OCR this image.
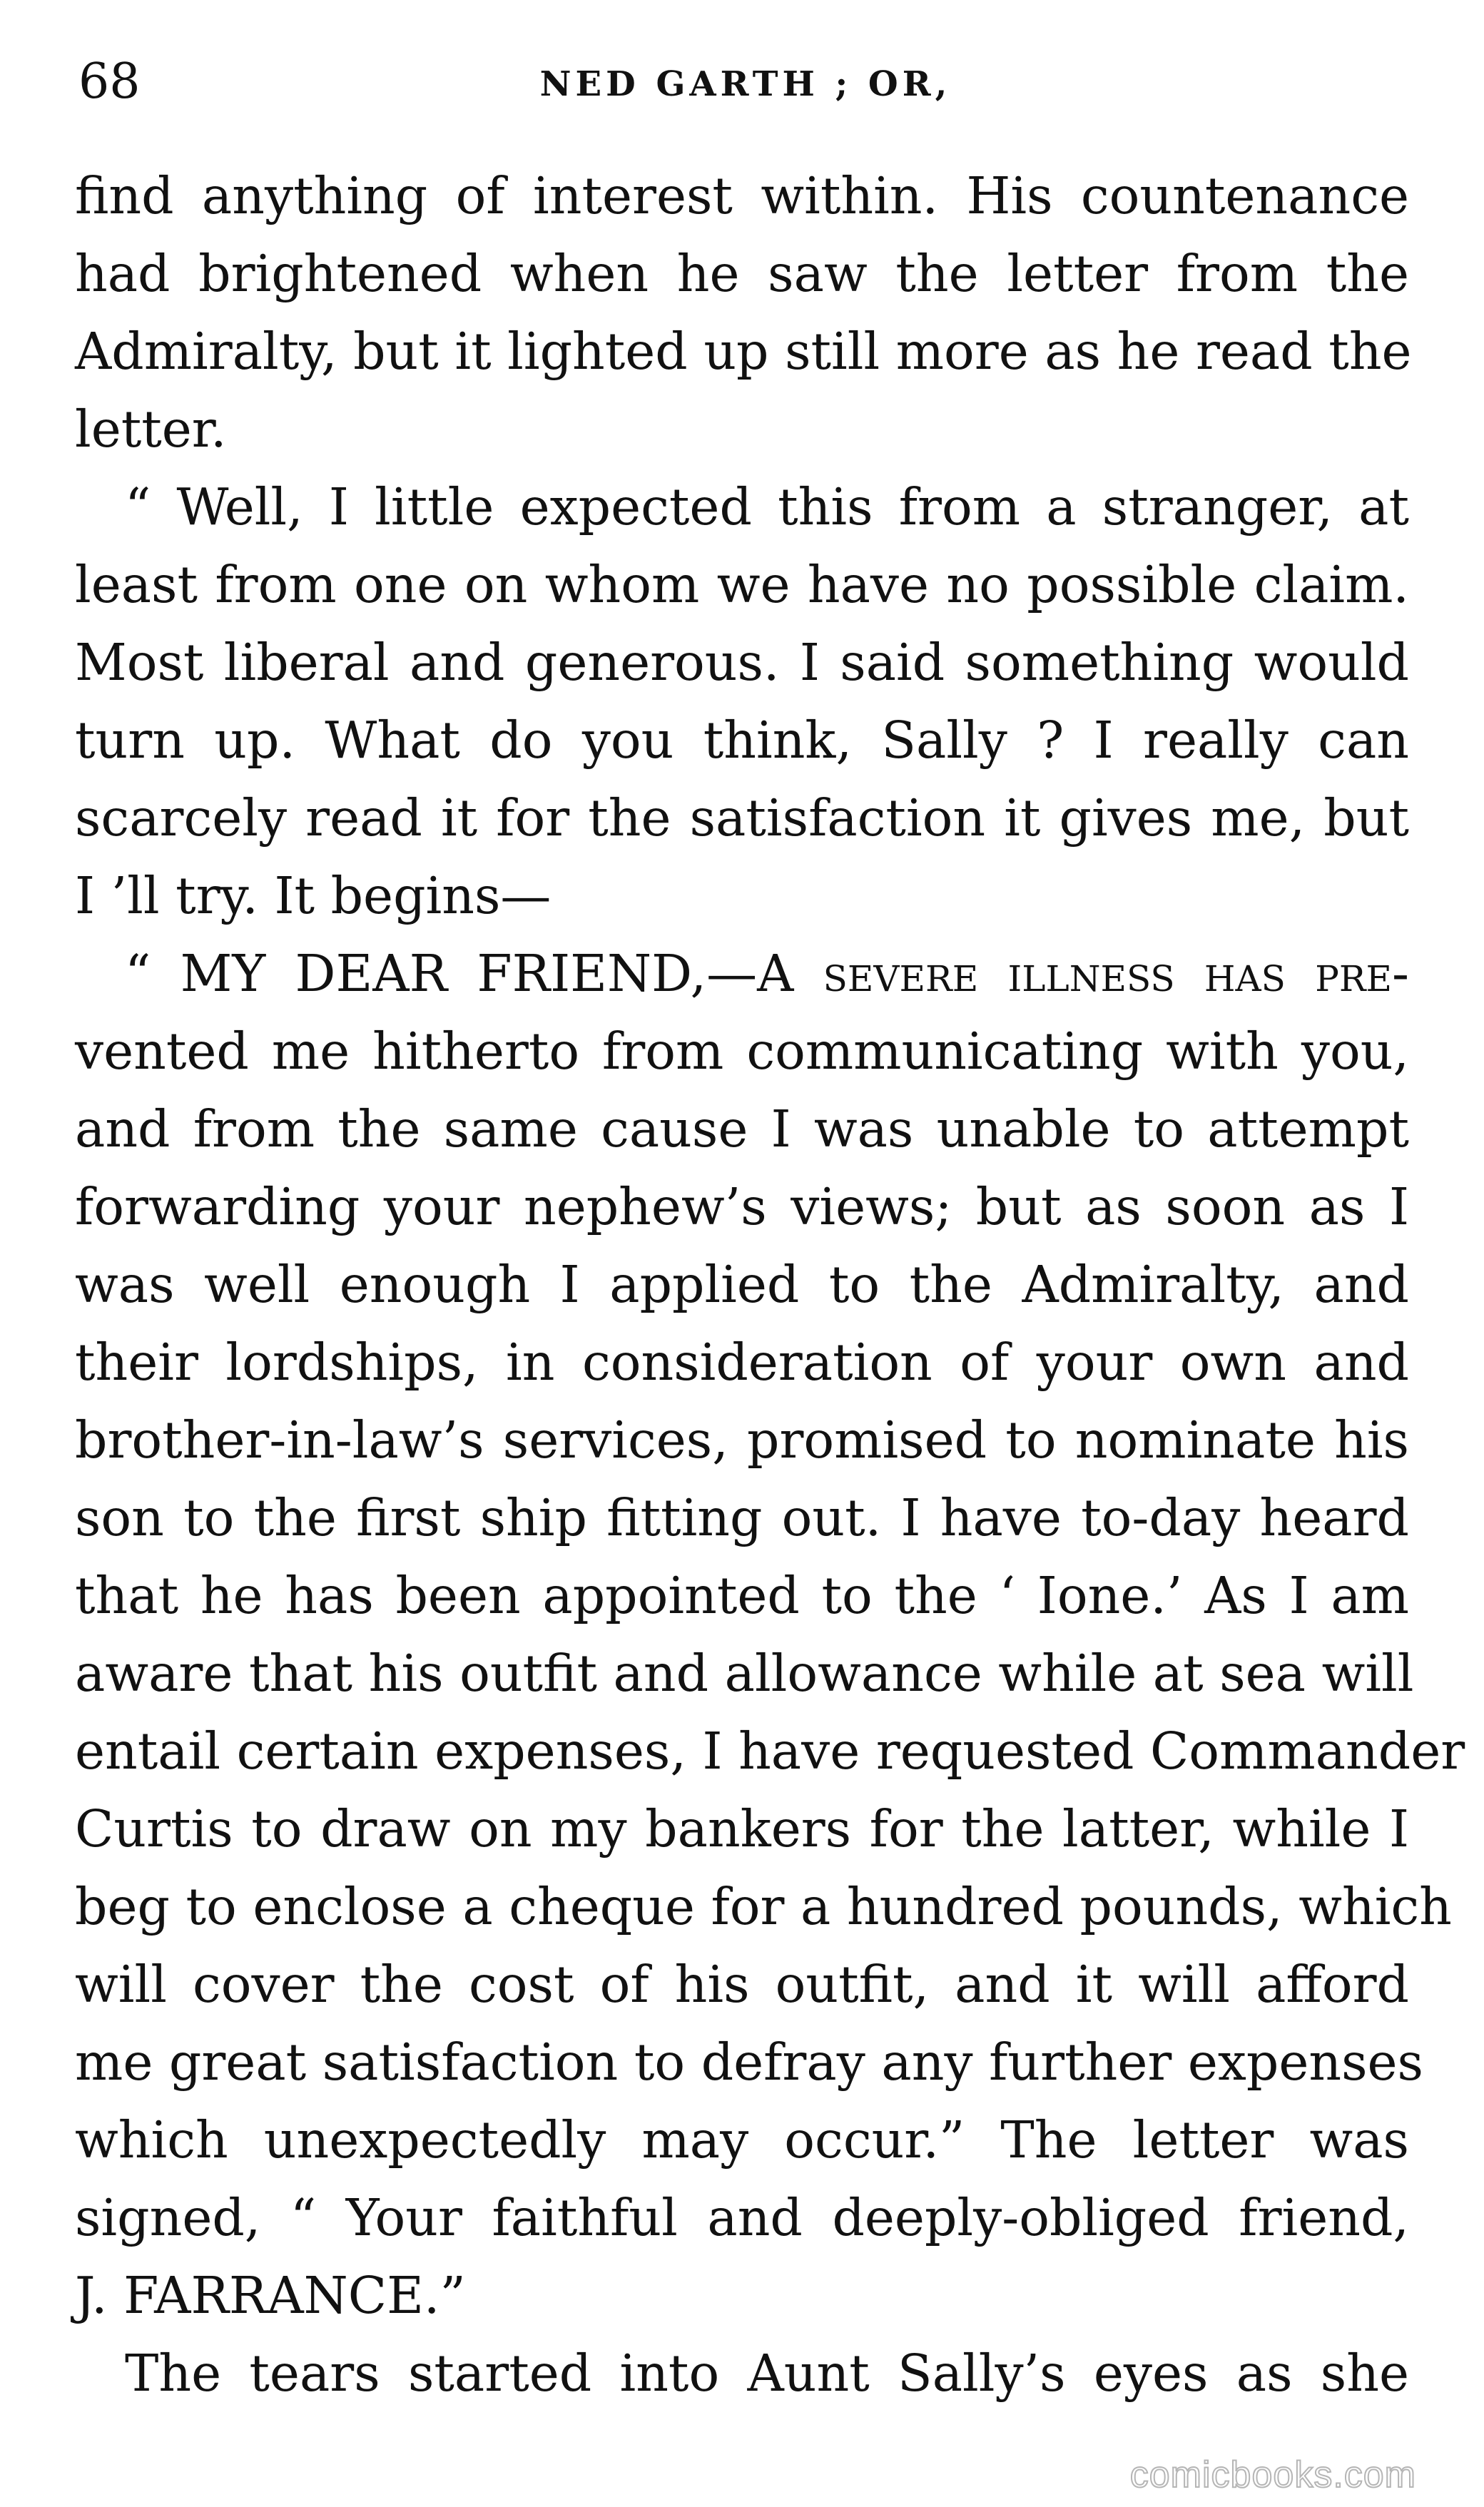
68	NED GARTH ; OR,
find anything of interest within. His countenance
had brightened when he saw the letter from the
Admiralty, but it lighted up still more as he read the
letter.
“ Well, I little expected this from a stranger, at
least from one on whom we have no possible claim.
Most liberal and generous. I said something would
turn up. What do you think, Sally ? I really can
scarcely read it for the satisfaction it gives me, but
I ’ll try. It begins—
“ MY DEAR FRIEND,—A severe illness has pre-
vented me hitherto from communicating with you,
and from the same cause I was unable to attempt
forwarding your nephew’s views; but as soon as I
was well enough I applied to the Admiralty, and
their lordships, in consideration of your own and
brother-in-law’s services, promised to nominate his
son to the first ship fitting out. I have to-day heard
that he has been appointed to the ‘ Ione.’ As I am
aware that his outfit and allowance while at sea will
entail certain expenses, I have requested Commander
Curtis to draw on my bankers for the latter, while I
beg to enclose a cheque for a hundred pounds, which
will cover the cost of his outfit, and it will afford
me great satisfaction to defray any further expenses
which unexpectedly may occur.” The letter was
signed, “ Your faithful and deeply-obliged friend,
J. FARRANCE.”
The tears started into Aunt Sally’s eyes as she
comicbooks.com
